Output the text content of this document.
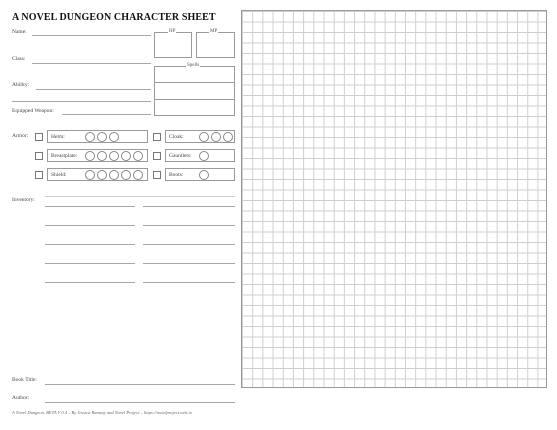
A NOVEL DUNGEON CHARACTER SHEET
Name:
Class:
Ability:
Equipped Weapon:
HP	MP
Spells
Armor:	Helm:
Breastplate:
Shield:
Cloak:
Gauntlets:
Boots:
Inventory:
Book Title:
Author:
A Novel Dungeon. BETA V 0.4 – By Jessica Ramsay and Novel Project – https://novelproject.web.io
